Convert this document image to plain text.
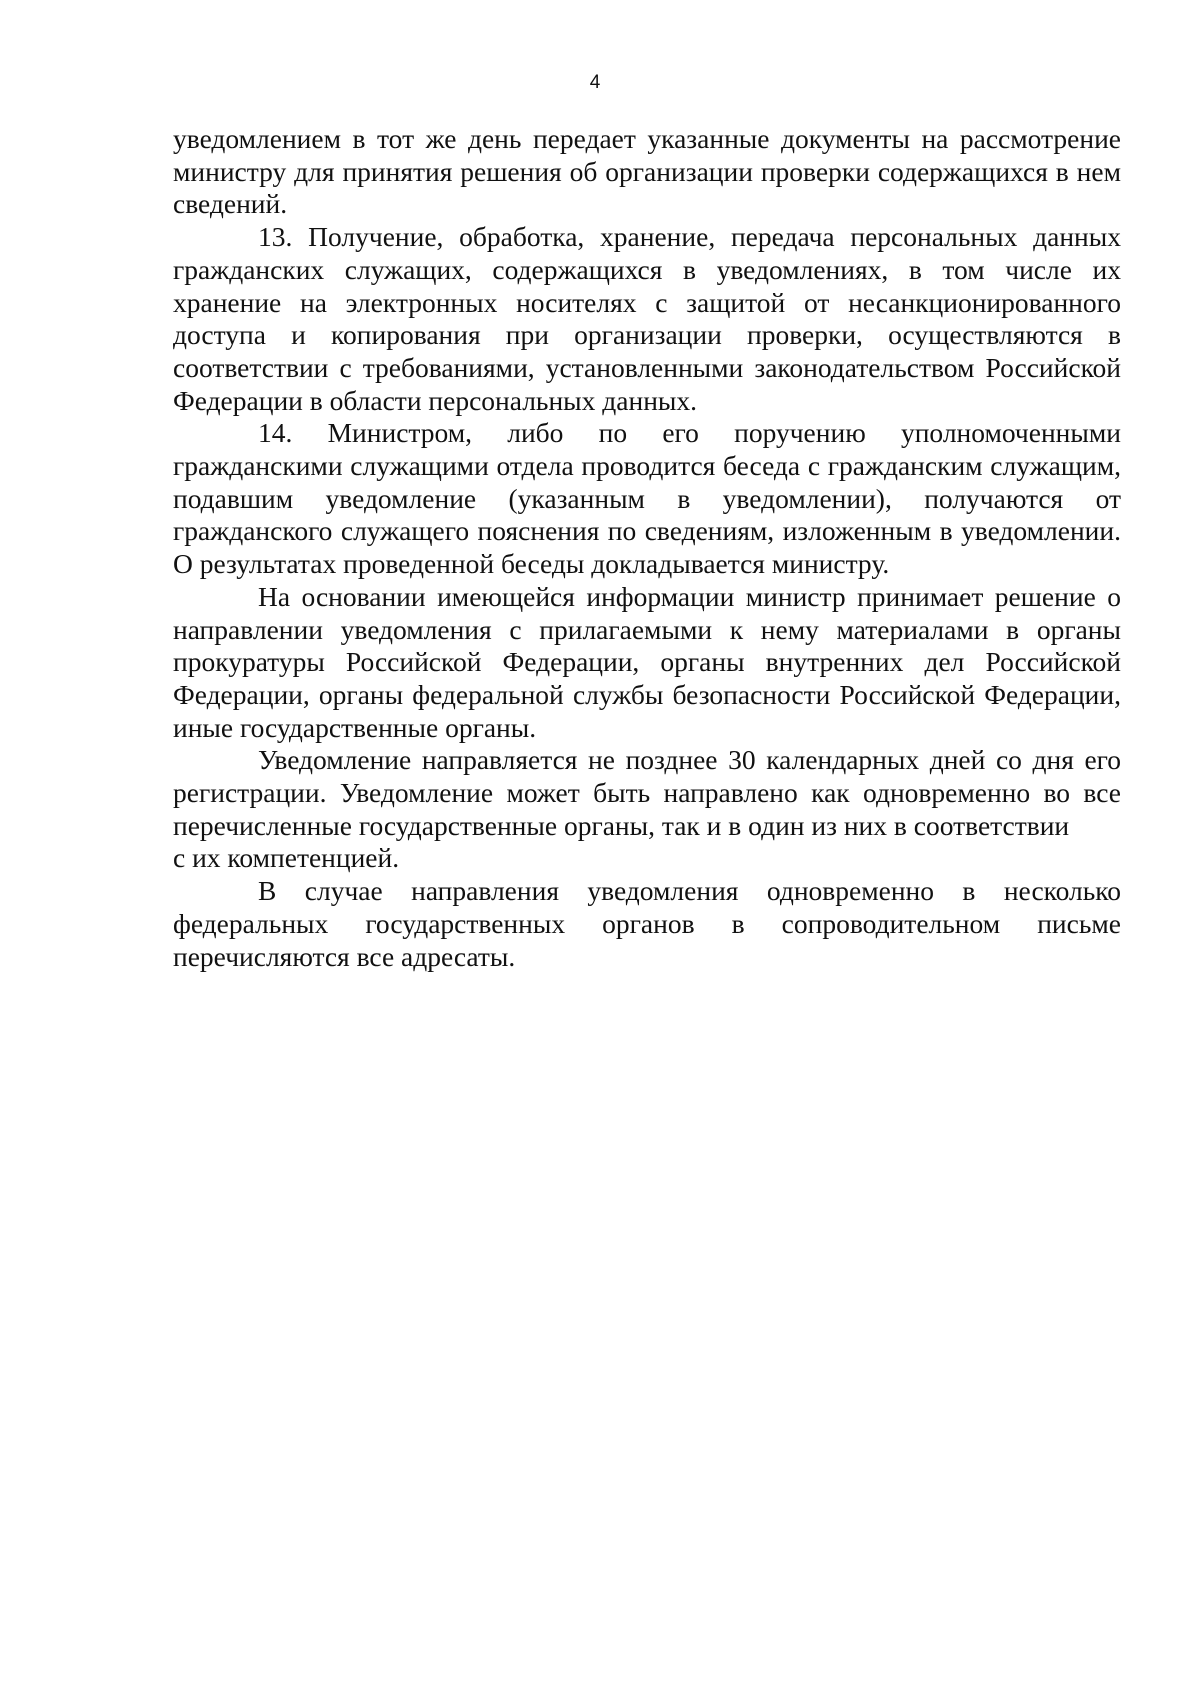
4

уведомлением в тот же день передает указанные документы на рассмотрение министру для принятия решения об организации проверки содержащихся в нем сведений.

13. Получение, обработка, хранение, передача персональных данных гражданских служащих, содержащихся в уведомлениях, в том числе их хранение на электронных носителях с защитой от несанкционированного доступа и копирования при организации проверки, осуществляются в соответствии с требованиями, установленными законодательством Российской Федерации в области персональных данных.

14. Министром, либо по его поручению уполномоченными гражданскими служащими отдела проводится беседа с гражданским служащим, подавшим уведомление (указанным в уведомлении), получаются от гражданского служащего пояснения по сведениям, изложенным в уведомлении. О результатах проведенной беседы докладывается министру.

На основании имеющейся информации министр принимает решение о направлении уведомления с прилагаемыми к нему материалами в органы прокуратуры Российской Федерации, органы внутренних дел Российской Федерации, органы федеральной службы безопасности Российской Федерации, иные государственные органы.

Уведомление направляется не позднее 30 календарных дней со дня его регистрации. Уведомление может быть направлено как одновременно во все перечисленные государственные органы, так и в один из них в соответствии

с их компетенцией.

В случае направления уведомления одновременно в несколько федеральных государственных органов в сопроводительном письме перечисляются все адресаты.
